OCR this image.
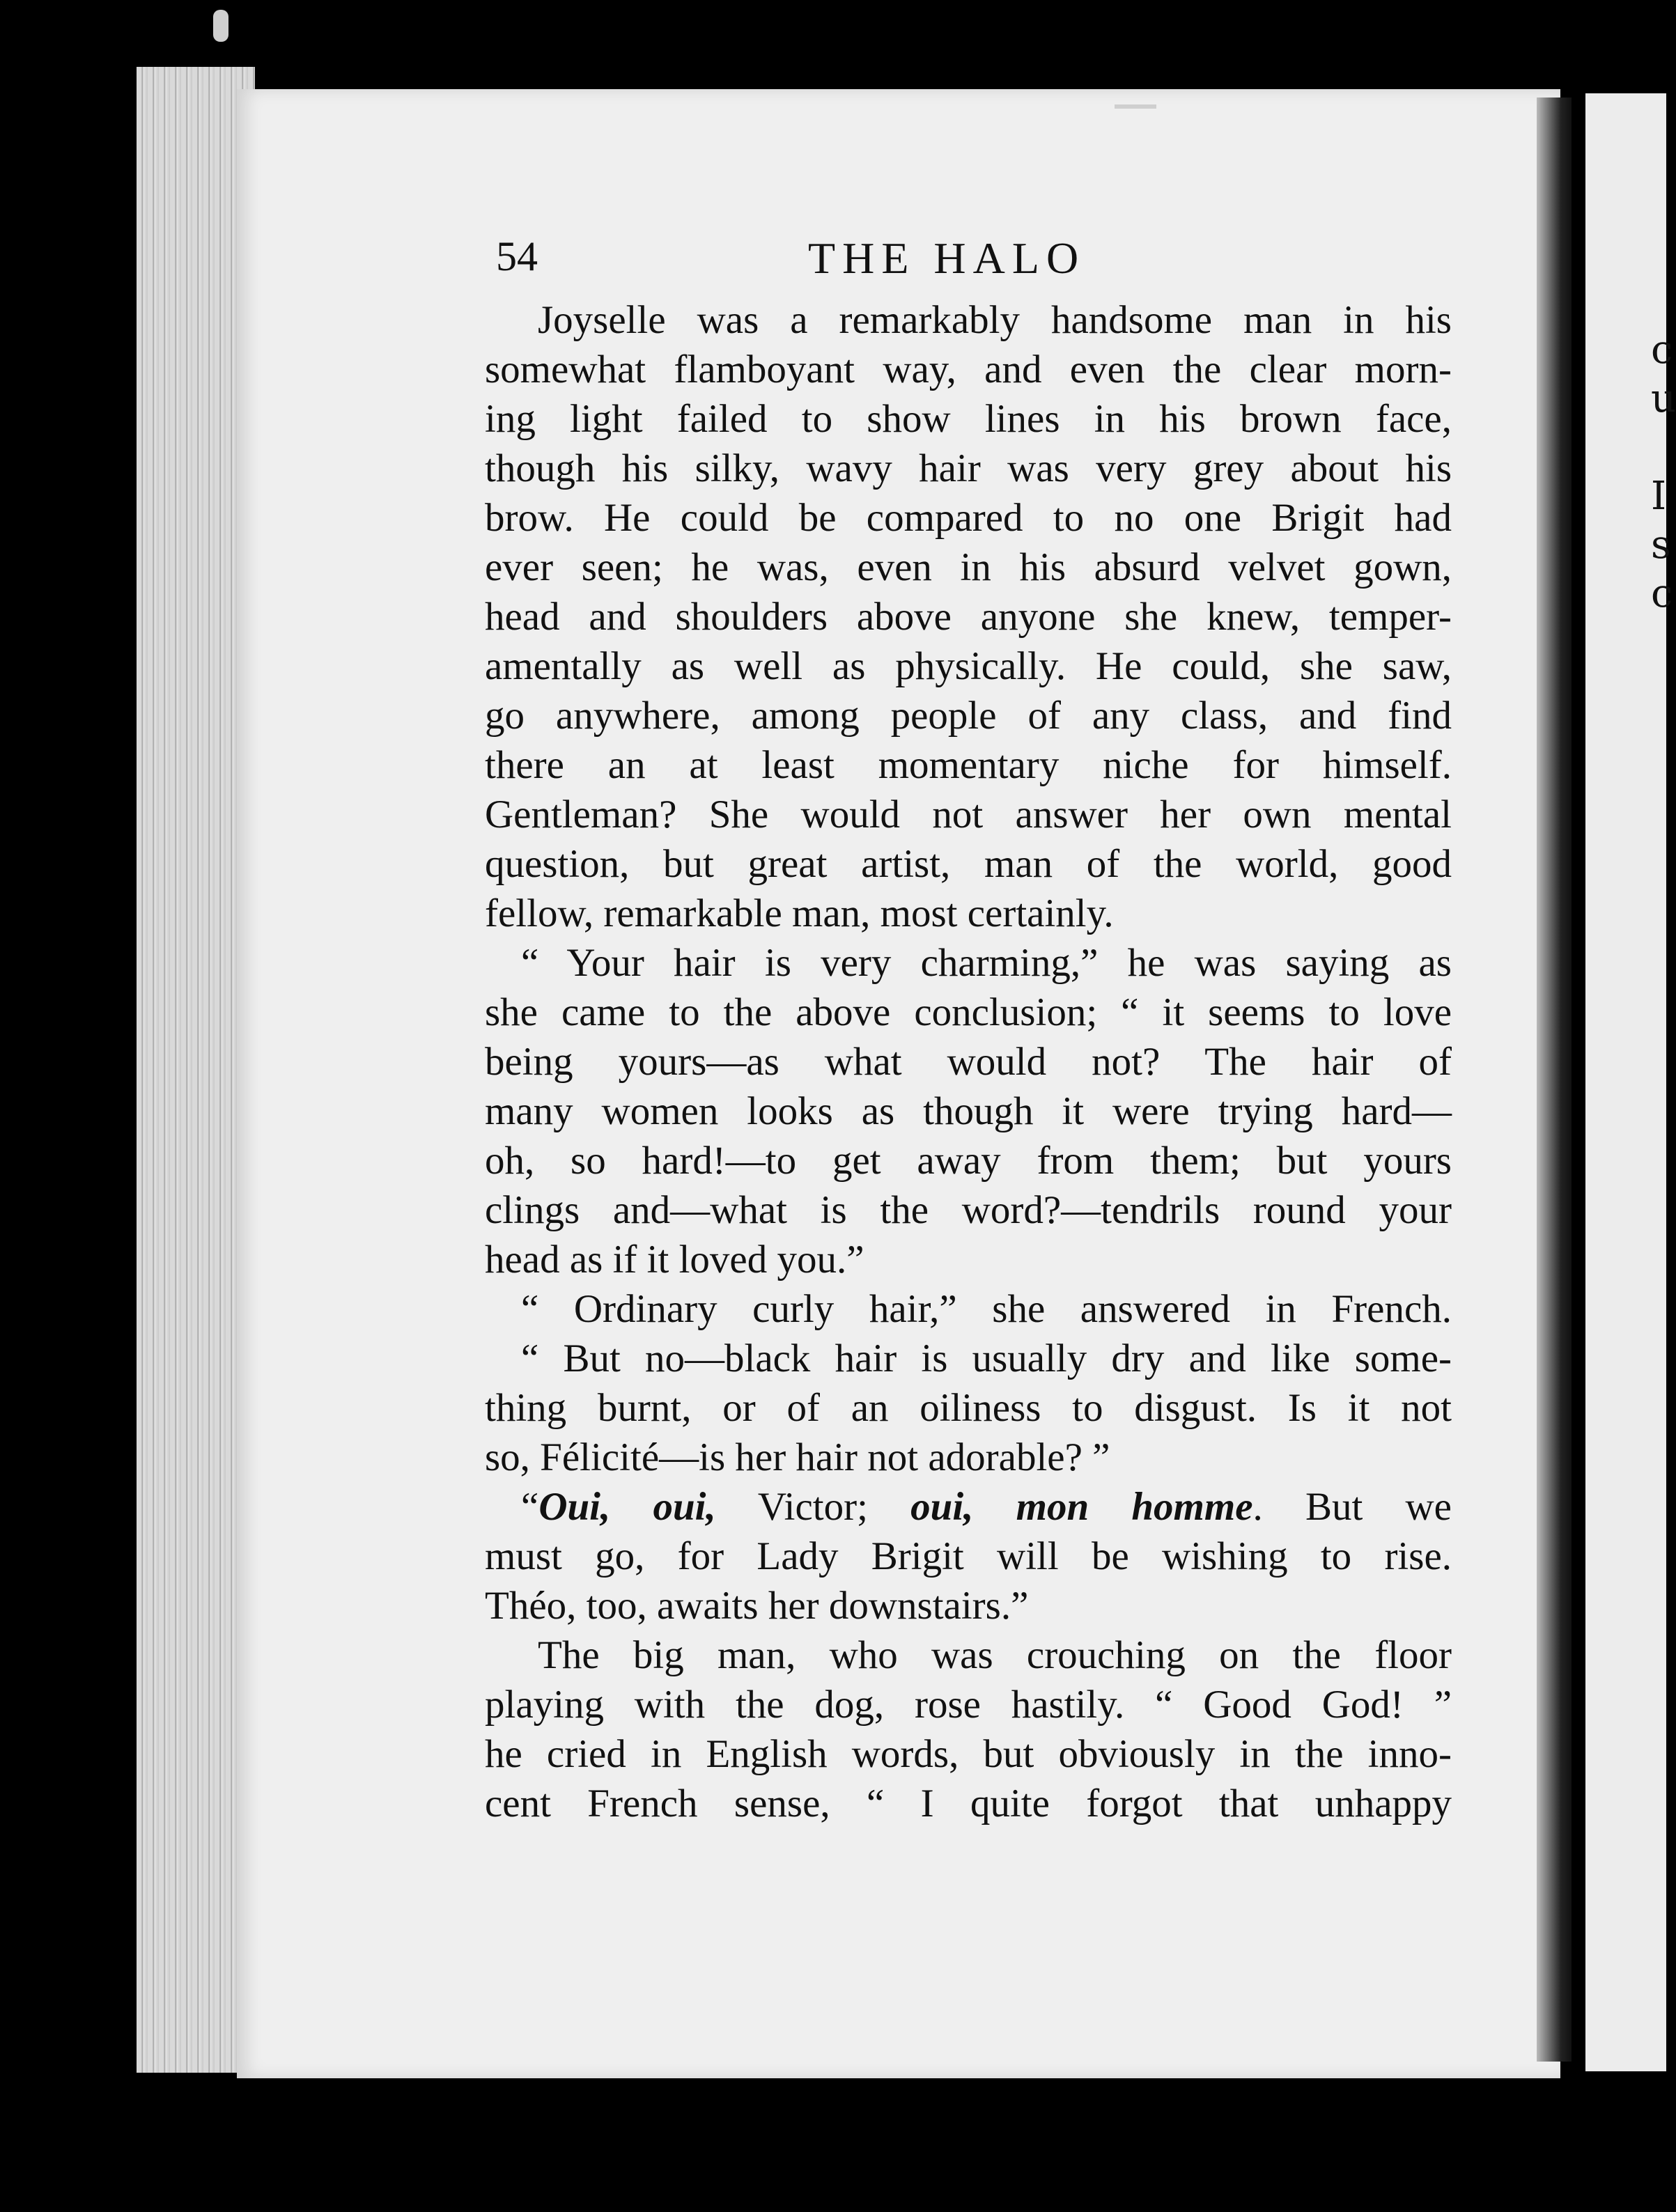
c
u
I
s
c
54	THE HALO
Joyselle was a remarkably handsome man in his
somewhat flamboyant way, and even the clear morn-
ing light failed to show lines in his brown face,
though his silky, wavy hair was very grey about his
brow. He could be compared to no one Brigit had
ever seen; he was, even in his absurd velvet gown,
head and shoulders above anyone she knew, temper-
amentally as well as physically. He could, she saw,
go anywhere, among people of any class, and find
there an at least momentary niche for himself.
Gentleman? She would not answer her own mental
question, but great artist, man of the world, good
fellow, remarkable man, most certainly.
“ Your hair is very charming,” he was saying as
she came to the above conclusion; “ it seems to love
being yours—as what would not? The hair of
many women looks as though it were trying hard—
oh, so hard!—to get away from them; but yours
clings and—what is the word?—tendrils round your
head as if it loved you.”
“ Ordinary curly hair,” she answered in French.
“ But no—black hair is usually dry and like some-
thing burnt, or of an oiliness to disgust. Is it not
so, Félicité—is her hair not adorable? ”
“Oui, oui, Victor; oui, mon homme. But we
must go, for Lady Brigit will be wishing to rise.
Théo, too, awaits her downstairs.”
The big man, who was crouching on the floor
playing with the dog, rose hastily. “ Good God! ”
he cried in English words, but obviously in the inno-
cent French sense, “ I quite forgot that unhappy
